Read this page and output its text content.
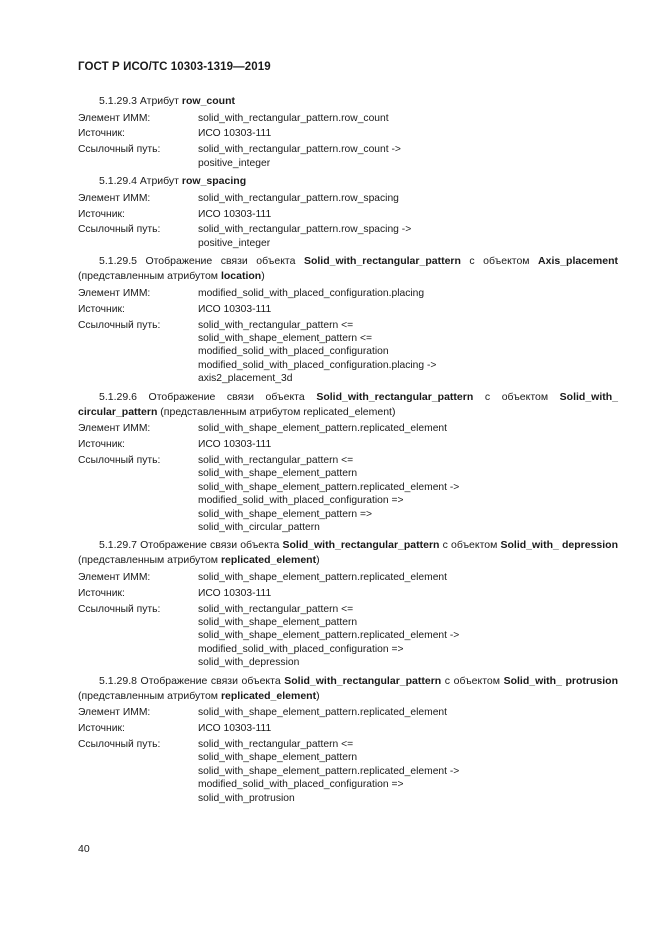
ГОСТ Р ИСО/ТС 10303-1319—2019
5.1.29.3 Атрибут row_count
Элемент ИММ:	solid_with_rectangular_pattern.row_count
Источник:	ИСО 10303-111
Ссылочный путь:	solid_with_rectangular_pattern.row_count ->
positive_integer
5.1.29.4 Атрибут row_spacing
Элемент ИММ:	solid_with_rectangular_pattern.row_spacing
Источник:	ИСО 10303-111
Ссылочный путь:	solid_with_rectangular_pattern.row_spacing ->
positive_integer
5.1.29.5 Отображение связи объекта Solid_with_rectangular_pattern с объектом Axis_placement (представленным атрибутом location)
Элемент ИММ:	modified_solid_with_placed_configuration.placing
Источник:	ИСО 10303-111
Ссылочный путь:	solid_with_rectangular_pattern <=
solid_with_shape_element_pattern <=
modified_solid_with_placed_configuration
modified_solid_with_placed_configuration.placing ->
axis2_placement_3d
5.1.29.6 Отображение связи объекта Solid_with_rectangular_pattern с объектом Solid_with_ circular_pattern (представленным атрибутом replicated_element)
Элемент ИММ:	solid_with_shape_element_pattern.replicated_element
Источник:	ИСО 10303-111
Ссылочный путь:	solid_with_rectangular_pattern <=
solid_with_shape_element_pattern
solid_with_shape_element_pattern.replicated_element ->
modified_solid_with_placed_configuration =>
solid_with_shape_element_pattern =>
solid_with_circular_pattern
5.1.29.7 Отображение связи объекта Solid_with_rectangular_pattern с объектом Solid_with_ depression (представленным атрибутом replicated_element)
Элемент ИММ:	solid_with_shape_element_pattern.replicated_element
Источник:	ИСО 10303-111
Ссылочный путь:	solid_with_rectangular_pattern <=
solid_with_shape_element_pattern
solid_with_shape_element_pattern.replicated_element ->
modified_solid_with_placed_configuration =>
solid_with_depression
5.1.29.8 Отображение связи объекта Solid_with_rectangular_pattern с объектом Solid_with_ protrusion (представленным атрибутом replicated_element)
Элемент ИММ:	solid_with_shape_element_pattern.replicated_element
Источник:	ИСО 10303-111
Ссылочный путь:	solid_with_rectangular_pattern <=
solid_with_shape_element_pattern
solid_with_shape_element_pattern.replicated_element ->
modified_solid_with_placed_configuration =>
solid_with_protrusion
40
